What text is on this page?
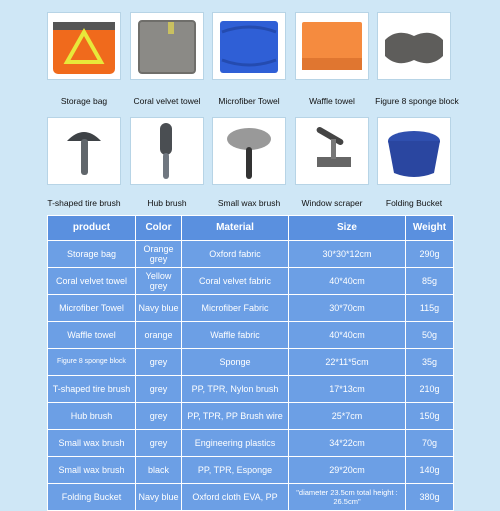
Storage bag	Coral velvet towel	Microfiber Towel	Waffle towel	Figure 8 sponge block
T-shaped tire brush	Hub brush	Small wax brush	Window scraper	Folding Bucket
product	Color	Material	Size	Weight
Storage bag	Orange grey	Oxford fabric	30*30*12cm	290g
Coral velvet towel	Yellow grey	Coral velvet fabric	40*40cm	85g
Microfiber Towel	Navy blue	Microfiber Fabric	30*70cm	115g
Waffle towel	orange	Waffle fabric	40*40cm	50g
Figure 8 sponge block	grey	Sponge	22*11*5cm	35g
T-shaped tire brush	grey	PP, TPR, Nylon brush	17*13cm	210g
Hub brush	grey	PP, TPR, PP Brush wire	25*7cm	150g
Small wax brush	grey	Engineering plastics	34*22cm	70g
Small wax brush	black	PP, TPR, Esponge	29*20cm	140g
Folding Bucket	Navy blue	Oxford cloth EVA, PP	"diameter 23.5cm total height : 26.5cm"	380g
